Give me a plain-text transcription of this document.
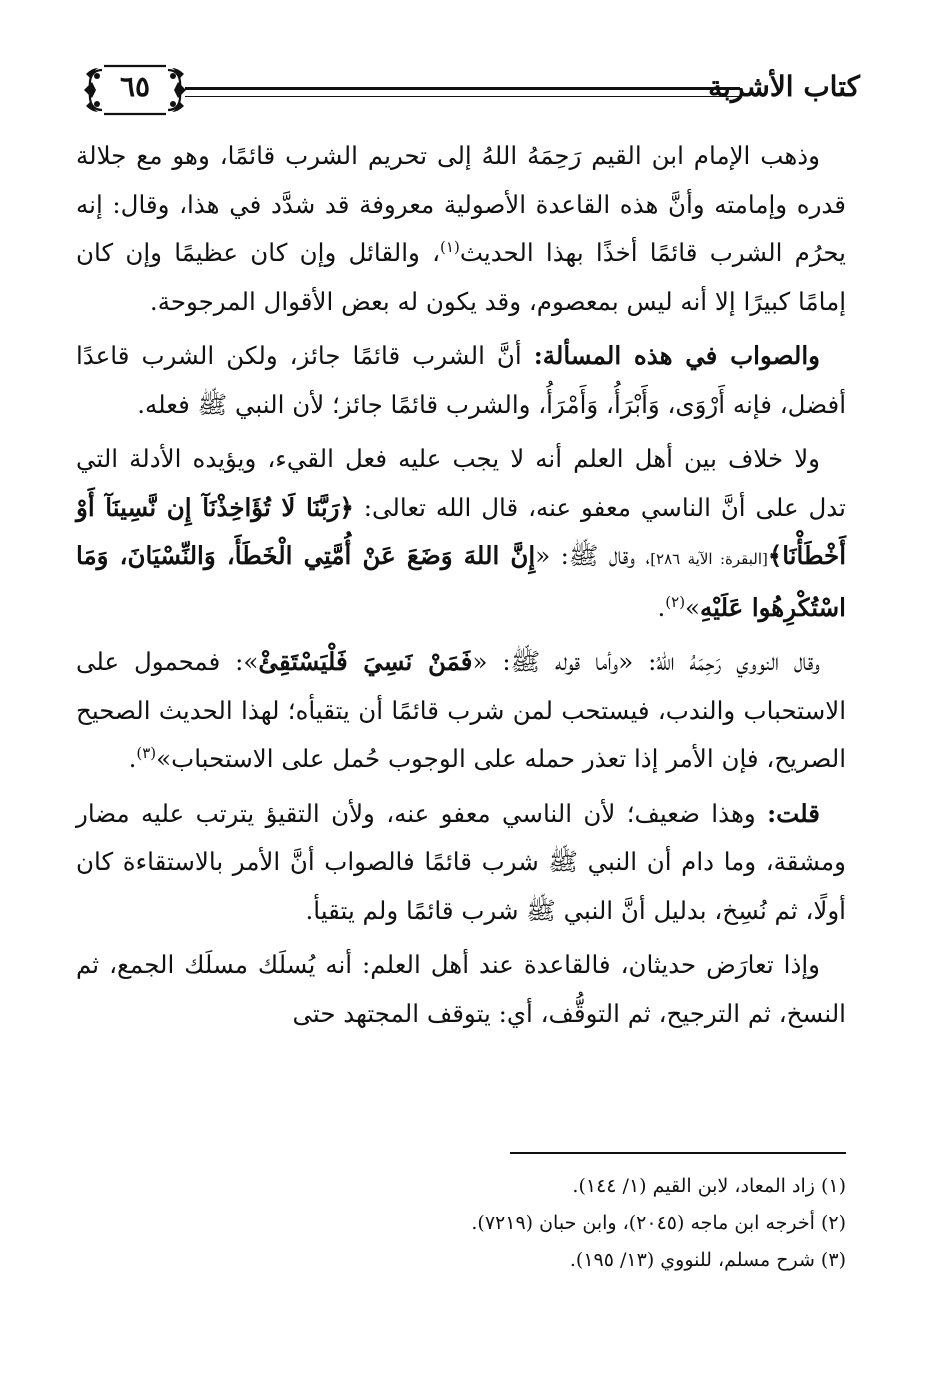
كتاب الأشربة
٦٥

وذهب الإمام ابن القيم رَحِمَهُ اللهُ إلى تحريم الشرب قائمًا، وهو مع جلالة قدره وإمامته وأنَّ هذه القاعدة الأصولية معروفة قد شدَّد في هذا، وقال: إنه يحرُم الشرب قائمًا أخذًا بهذا الحديث$^{(١)}$، والقائل وإن كان عظيمًا وإن كان إمامًا كبيرًا إلا أنه ليس بمعصوم، وقد يكون له بعض الأقوال المرجوحة.

والصواب في هذه المسألة: أنَّ الشرب قائمًا جائز، ولكن الشرب قاعدًا أفضل، فإنه أَرْوَى، وَأَبْرَأُ، وَأَمْرَأُ، والشرب قائمًا جائز؛ لأن النبي ﷺ فعله.

ولا خلاف بين أهل العلم أنه لا يجب عليه فعل القيء، ويؤيده الأدلة التي تدل على أنَّ الناسي معفو عنه، قال الله تعالى: ﴿رَبَّنَا لَا تُؤَاخِذْنَآ إِن نَّسِينَآ أَوْ أَخْطَأْنَا﴾[البقرة: الآية ٢٨٦]، وقال ﷺ: «إِنَّ اللهَ وَضَعَ عَنْ أُمَّتِي الْخَطَأَ، وَالنِّسْيَانَ، وَمَا اسْتُكْرِهُوا عَلَيْهِ»$^{(٢)}$.

وقال النووي رَحِمَهُ اللهُ: «وأما قوله ﷺ: «فَمَنْ نَسِيَ فَلْيَسْتَقِئْ»: فمحمول على الاستحباب والندب، فيستحب لمن شرب قائمًا أن يتقيأه؛ لهذا الحديث الصحيح الصريح، فإن الأمر إذا تعذر حمله على الوجوب حُمل على الاستحباب»$^{(٣)}$.

قلت: وهذا ضعيف؛ لأن الناسي معفو عنه، ولأن التقيؤ يترتب عليه مضار ومشقة، وما دام أن النبي ﷺ شرب قائمًا فالصواب أنَّ الأمر بالاستقاءة كان أولًا، ثم نُسِخ، بدليل أنَّ النبي ﷺ شرب قائمًا ولم يتقيأ.

وإذا تعارَض حديثان، فالقاعدة عند أهل العلم: أنه يُسلَك مسلَك الجمع، ثم النسخ، ثم الترجيح، ثم التوقُّف، أي: يتوقف المجتهد حتى

(١) زاد المعاد، لابن القيم (١/ ١٤٤).

(٢) أخرجه ابن ماجه (٢٠٤٥)، وابن حبان (٧٢١٩).

(٣) شرح مسلم، للنووي (١٣/ ١٩٥).
